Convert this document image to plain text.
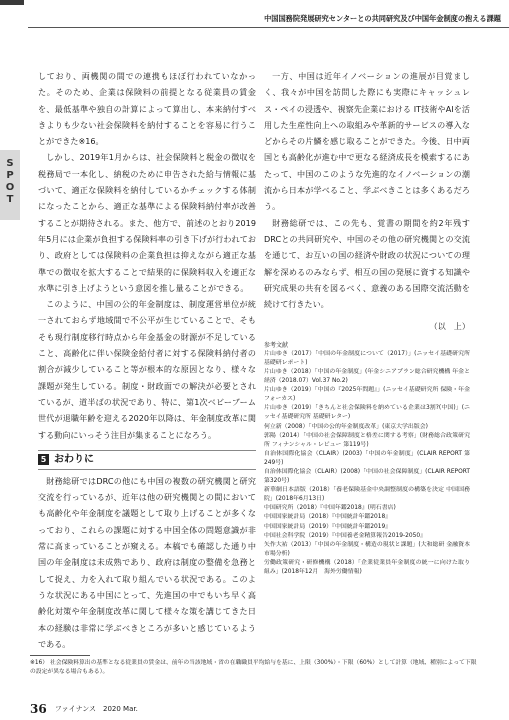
中国国務院発展研究センターとの共同研究及び中国年金制度の抱える課題
S
P
O
T

しており、両機関の間での連携もほぼ行われていなかった。そのため、企業は保険料の前提となる従業員の賃金を、最低基準や独自の計算によって算出し、本来納付すべきよりも少ない社会保険料を納付することを容易に行うことができた※16。

しかし、2019年1月からは、社会保険料と税金の徴収を税務局で一本化し、納税のために申告された給与情報に基づいて、適正な保険料を納付しているかチェックする体制になったことから、適正な基準による保険料納付率が改善することが期待される。また、他方で、前述のとおり2019年5月には企業が負担する保険料率の引き下げが行われており、政府としては保険料の企業負担は抑えながら適正な基準での徴収を拡大することで結果的に保険料収入を適正な水準に引き上げようという意図を推し量ることができる。

このように、中国の公的年金制度は、制度運営単位が統一されておらず地域間で不公平が生じていることで、そもそも現行制度移行時点から年金基金の財源が不足していること、高齢化に伴い保険金給付者に対する保険料納付者の割合が減少していること等が根本的な原因となり、様々な課題が発生している。制度・財政面での解決が必要とされているが、道半ばの状況であり、特に、第1次ベビーブーム世代が退職年齢を迎える2020年以降は、年金制度改革に関する動向にいっそう注目が集まることになろう。

5 おわりに

財務総研ではDRCの他にも中国の複数の研究機関と研究交流を行っているが、近年は他の研究機関との間においても高齢化や年金制度を議題として取り上げることが多くなっており、これらの課題に対する中国全体の問題意識が非常に高まっていることが窺える。本稿でも確認した通り中国の年金制度は未成熟であり、政府は制度の整備を急務として捉え、力を入れて取り組んでいる状況である。このような状況にある中国にとって、先進国の中でもいち早く高齢化対策や年金制度改革に関して様々な策を講じてきた日本の経験は非常に学ぶべきところが多いと感じているようである。

一方、中国は近年イノベーションの進展が目覚ましく、我々が中国を訪問した際にも実際にキャッシュレス・ペイの浸透や、視察先企業における IT技術やAIを活用した生産性向上への取組みや革新的サービスの導入などからその片鱗を感じ取ることができた。今後、日中両国とも高齢化が進む中で更なる経済成長を模索するにあたって、中国のこのような先進的なイノベーションの潮流から日本が学べること、学ぶべきことは多くあるだろう。

財務総研では、この先も、覚書の期間を約2年残すDRCとの共同研究や、中国のその他の研究機関との交流を通じて、お互いの国の経済や財政の状況についての理解を深めるのみならず、相互の国の発展に資する知識や研究成果の共有を図るべく、意義のある国際交流活動を続けて行きたい。

（以　上）
参考文献
片山ゆき（2017）「中国の年金制度について（2017）」(ニッセイ基礎研究所 基礎研レポート)
片山ゆき（2018）「中国の年金制度」(年金シニアプラン総合研究機構 年金と経済（2018.07）Vol.37 No.2)
片山ゆき（2019）「中国の『2025年問題』」(ニッセイ基礎研究所 保険・年金フォーカス)
片山ゆき（2019）「きちんと社会保険料を納めている企業は3割?(中国)」(ニッセイ基礎研究所 基礎研レター)
何立新（2008）「中国の公的年金制度改革」(東京大学出版会)
郭陽（2014）「中国の社会保障制度と格差に関する考察」(財務総合政策研究所 フィナンシャル・レビュー 第119号)
自治体国際化協会（CLAIR）(2003)「中国の年金制度」(CLAIR REPORT 第249号)
自治体国際化協会（CLAIR）(2008)「中国の社会保障制度」(CLAIR REPORT 第320号)
新華網日本語版（2018）「養老保険基金中央調整制度の構築を決定 中国国務院」(2018年6月13日)
中国研究所（2018）『中国年鑑2018』(明石書店)
中国国家統計局（2018）『中国統計年鑑2018』
中国国家統計局（2019）『中国統計年鑑2019』
中国社会科学院（2019）『中国養老金精算報告2019-2050』
矢作大祐（2013）「中国の年金制度・構造の現状と課題」(大和総研 金融資本市場分析)
労働政策研究・研修機構（2018）「企業従業員年金制度の統一に向けた取り組み」(2018年12月　海外労働情報)
※16） 社会保険料算出の基準となる従業員の賃金は、前年の当該地域・省の在職職員平均給与を基に、上限（300%）・下限（60%）として計算（地域、種別によって下限の設定が異なる場合もある）。
36 ファイナンス　2020 Mar.
